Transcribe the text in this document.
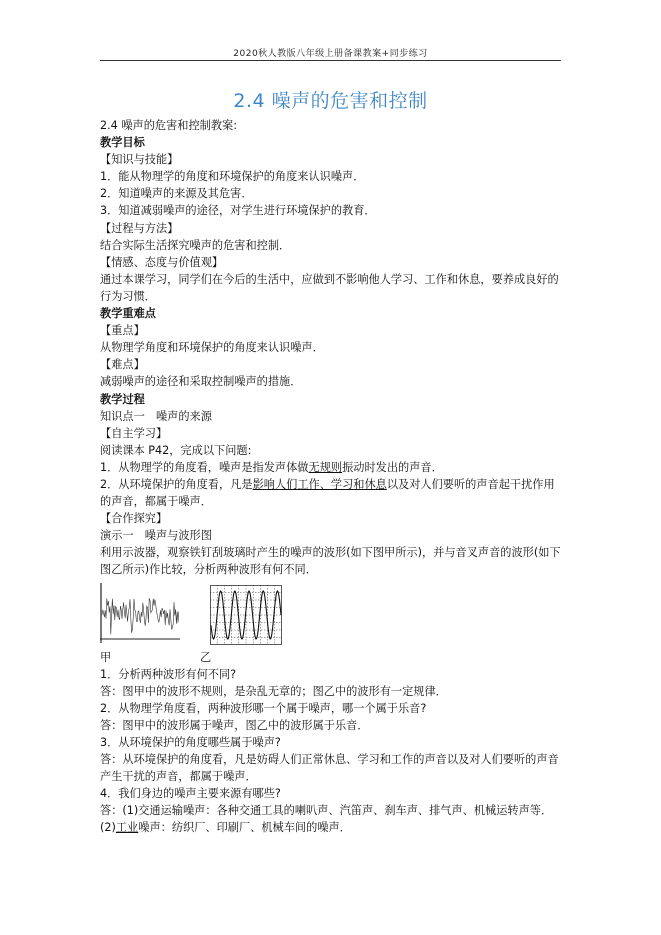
2020秋人教版八年级上册备课教案+同步练习
2.4 噪声的危害和控制

2.4 噪声的危害和控制教案:

教学目标

【知识与技能】

1．能从物理学的角度和环境保护的角度来认识噪声．

2．知道噪声的来源及其危害．

3．知道减弱噪声的途径，对学生进行环境保护的教育．

【过程与方法】

结合实际生活探究噪声的危害和控制．

【情感、态度与价值观】

通过本课学习，同学们在今后的生活中，应做到不影响他人学习、工作和休息，要养成良好的行为习惯．

教学重难点

【重点】

从物理学角度和环境保护的角度来认识噪声．

【难点】

减弱噪声的途径和采取控制噪声的措施．

教学过程

知识点一　噪声的来源

【自主学习】

阅读课本 P42，完成以下问题:

1．从物理学的角度看，噪声是指发声体做无规则振动时发出的声音．

2．从环境保护的角度看，凡是影响人们工作、学习和休息以及对人们要听的声音起干扰作用的声音，都属于噪声．

【合作探究】

演示一　噪声与波形图

利用示波器，观察铁钉刮玻璃时产生的噪声的波形(如下图甲所示)，并与音叉声音的波形(如下图乙所示)作比较，分析两种波形有何不同．

甲	乙

1．分析两种波形有何不同?

答：图甲中的波形不规则，是杂乱无章的；图乙中的波形有一定规律．

2．从物理学角度看，两种波形哪一个属于噪声，哪一个属于乐音?

答：图甲中的波形属于噪声，图乙中的波形属于乐音．

3．从环境保护的角度哪些属于噪声?

答：从环境保护的角度看，凡是妨碍人们正常休息、学习和工作的声音以及对人们要听的声音产生干扰的声音，都属于噪声．

4．我们身边的噪声主要来源有哪些?

答：(1)交通运输噪声：各种交通工具的喇叭声、汽笛声、刹车声、排气声、机械运转声等．

(2)工业噪声：纺织厂、印刷厂、机械车间的噪声．
